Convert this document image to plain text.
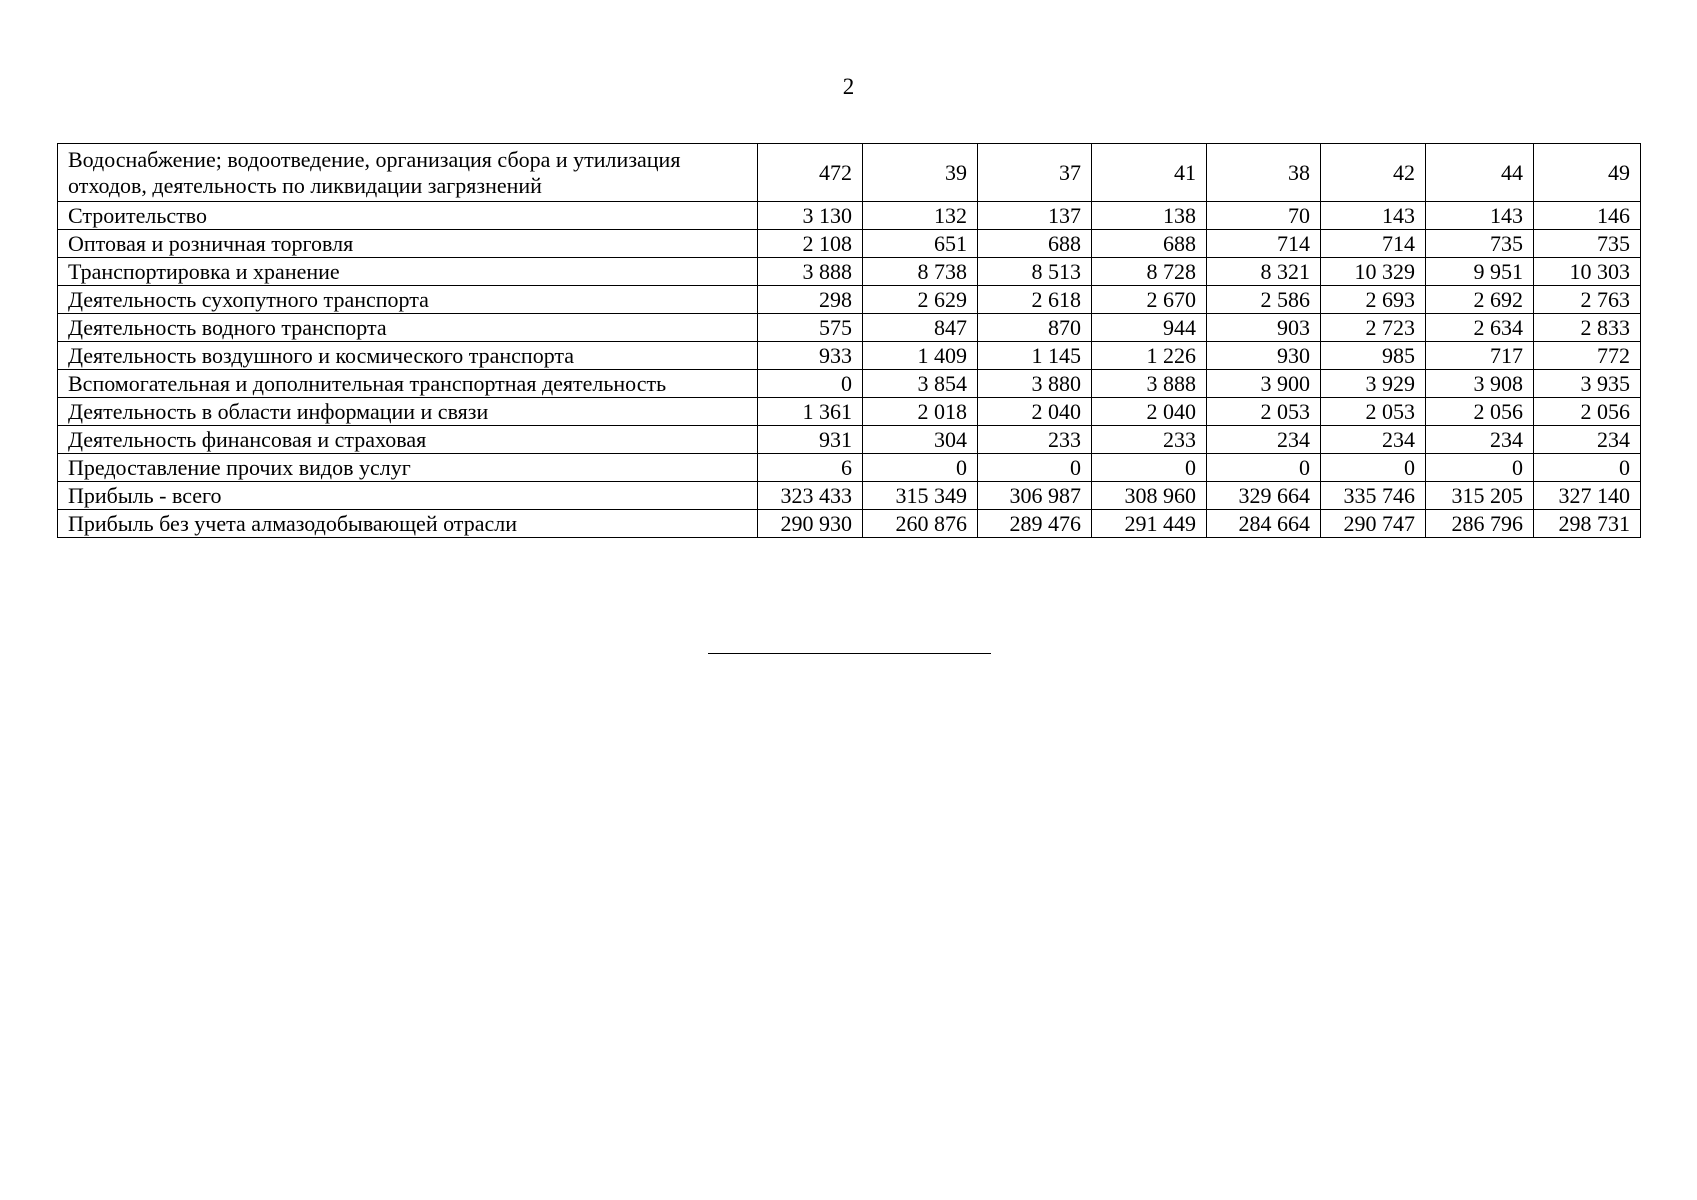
2
Водоснабжение; водоотведение, организация сбора и утилизация отходов, деятельность по ликвидации загрязнений	472	39	37	41	38	42	44	49
Строительство	3 130	132	137	138	70	143	143	146
Оптовая и розничная торговля	2 108	651	688	688	714	714	735	735
Транспортировка и хранение	3 888	8 738	8 513	8 728	8 321	10 329	9 951	10 303
Деятельность сухопутного транспорта	298	2 629	2 618	2 670	2 586	2 693	2 692	2 763
Деятельность водного транспорта	575	847	870	944	903	2 723	2 634	2 833
Деятельность воздушного и космического транспорта	933	1 409	1 145	1 226	930	985	717	772
Вспомогательная и дополнительная транспортная деятельность	0	3 854	3 880	3 888	3 900	3 929	3 908	3 935
Деятельность в области информации и связи	1 361	2 018	2 040	2 040	2 053	2 053	2 056	2 056
Деятельность финансовая и страховая	931	304	233	233	234	234	234	234
Предоставление прочих видов услуг	6	0	0	0	0	0	0	0
Прибыль - всего	323 433	315 349	306 987	308 960	329 664	335 746	315 205	327 140
Прибыль без учета алмазодобывающей отрасли	290 930	260 876	289 476	291 449	284 664	290 747	286 796	298 731
